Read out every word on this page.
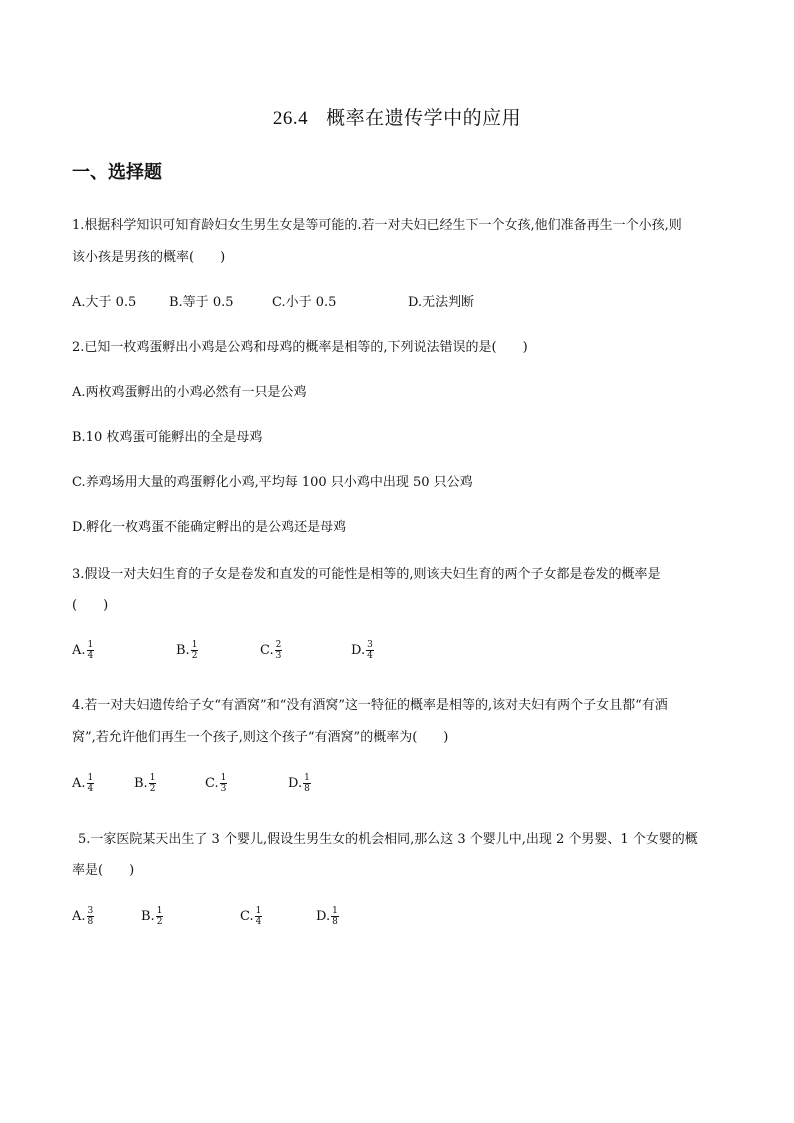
26.4 概率在遗传学中的应用
一、选择题
1.根据科学知识可知育龄妇女生男生女是等可能的.若一对夫妇已经生下一个女孩,他们准备再生一个小孩,则
该小孩是男孩的概率(　　)
A.大于 0.5	B.等于 0.5	C.小于 0.5	D.无法判断
2.已知一枚鸡蛋孵出小鸡是公鸡和母鸡的概率是相等的,下列说法错误的是(　　)
A.两枚鸡蛋孵出的小鸡必然有一只是公鸡
B.10 枚鸡蛋可能孵出的全是母鸡
C.养鸡场用大量的鸡蛋孵化小鸡,平均每 100 只小鸡中出现 50 只公鸡
D.孵化一枚鸡蛋不能确定孵出的是公鸡还是母鸡
3.假设一对夫妇生育的子女是卷发和直发的可能性是相等的,则该夫妇生育的两个子女都是卷发的概率是
(　　)
A. $\frac{1}{4}$	B. $\frac{1}{2}$	C. $\frac{2}{3}$	D. $\frac{3}{4}$
4.若一对夫妇遗传给子女“有酒窝”和“没有酒窝”这一特征的概率是相等的,该对夫妇有两个子女且都“有酒
窝”,若允许他们再生一个孩子,则这个孩子“有酒窝”的概率为(　　)
A. $\frac{1}{4}$	B. $\frac{1}{2}$	C. $\frac{1}{3}$	D. $\frac{1}{8}$
5.一家医院某天出生了 3 个婴儿,假设生男生女的机会相同,那么这 3 个婴儿中,出现 2 个男婴、1 个女婴的概
率是(　　)
A. $\frac{3}{8}$	B. $\frac{1}{2}$	C. $\frac{1}{4}$	D. $\frac{1}{8}$
